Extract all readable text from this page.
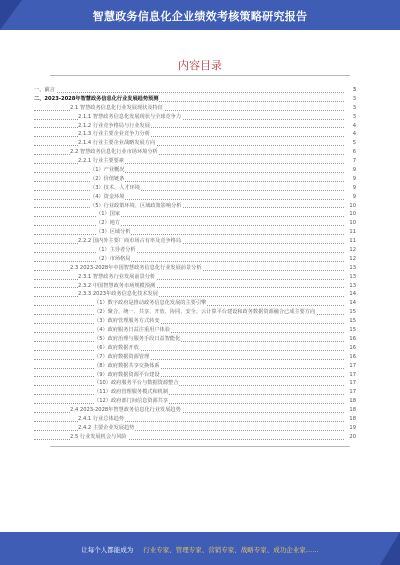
智慧政务信息化企业绩效考核策略研究报告
内容目录
一、前言	3
二、2023-2028年智慧政务信息化行业发展趋势预测	3
2.1 智慧政务信息化行业发展现状及特征	3
2.1.1 智慧政务信息化发展现状与全球竞争力	3
2.1.2 行业竞争格局与行业发展	4
2.1.3 行业主要企业竞争力分析	4
2.1.4 行业主要企业战略发展方向	5
2.2 智慧政务信息化行业市场环境分析	6
2.2.1 行业主要要素	7
（1）产业概况	9
（2）价值链条	9
（3）技术、人才环境	9
（4）资金环境	9
（5）行业政策环境、区域政策影响分析	10
（1）国家	10
（2）地方	10
（3）区域分析	11
2.2.2 国内外主要厂商市场占有率及竞争格局	11
（1）主导者分析	12
（2）市场格局	12
2.3 2023-2028年中国智慧政务信息化行业发展前景分析	13
2.3.1 智慧政务行业发展前景分析	13
2.3.2 中国智慧政务市场规模预测	13
2.3.3 2023年政务信息化技术发展	14
（1）数字政府是推动政务信息化发展的主要引擎	14
（2）聚合、统一、共享、开放、协同、安全、云计算平台建设和政务数据资源融合已成主要方向	15
（3）政府管理服务方式转变	15
（4）政府服务日益注重用户体验	15
（5）政府治理与服务手段日益智能化	16
（6）政府数据开放	16
（7）政府数据资源管理	16
（8）政府数据共享交换体系	17
（9）政府数据资源平台建设	17
（10）政府服务平台与数据资源整合	17
（11）政府管理服务模式和机制	17
（12）政府部门间信息资源共享	18
2.4 2023-2028年智慧政务信息化行业发展趋势	18
2.4.1 行业总体趋势	18
2.4.2 主要企业发展趋势	19
2.5 行业发展机会与风险	20
让每个人都能成为 行业专家、管理专家、营销专家、战略专家、成功企业家……
